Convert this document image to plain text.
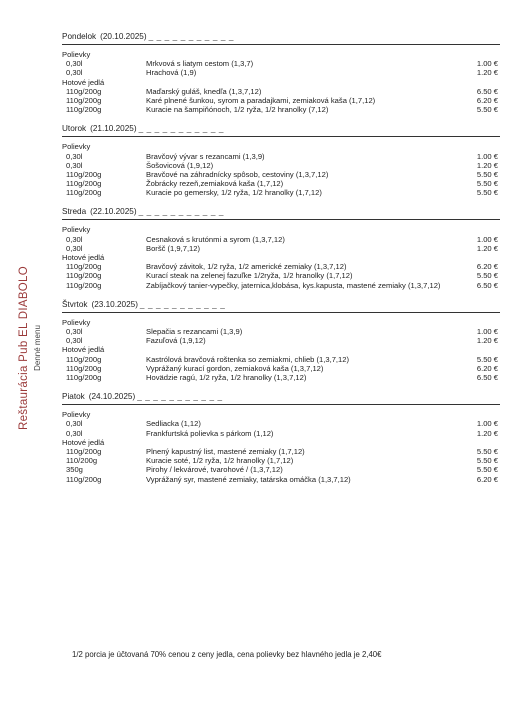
Reštaurácia Pub EL DIABOLO Denné menu
Pondelok (20.10.2025) _ _ _ _ _ _ _ _ _ _ _
Polievky
0,30l	Mrkvová s liatym cestom (1,3,7)	1.00 €
0,30l	Hrachová (1,9)	1.20 €
Hotové jedlá
110g/200g	Maďarský guláš, knedľa (1,3,7,12)	6.50 €
110g/200g	Karé plnené šunkou, syrom a paradajkami, zemiaková kaša (1,7,12)	6.20 €
110g/200g	Kuracie na šampiňónoch, 1/2 ryža, 1/2 hranolky (7,12)	5.50 €
Utorok (21.10.2025) _ _ _ _ _ _ _ _ _ _ _
Polievky
0,30l	Bravčový vývar s rezancami (1,3,9)	1.00 €
0,30l	Šošovicová (1,9,12)	1.20 €
110g/200g	Bravčové na záhradnícky spôsob, cestoviny (1,3,7,12)	5.50 €
110g/200g	Žobrácky rezeň,zemiaková kaša (1,7,12)	5.50 €
110g/200g	Kuracie po gemersky, 1/2 ryža, 1/2 hranolky (1,7,12)	5.50 €
Streda (22.10.2025) _ _ _ _ _ _ _ _ _ _ _
Polievky
0,30l	Cesnaková s krutónmi a syrom (1,3,7,12)	1.00 €
0,30l	Boršč (1,9,7,12)	1.20 €
Hotové jedlá
110g/200g	Bravčový závitok, 1/2 ryža, 1/2 americké zemiaky (1,3,7,12)	6.20 €
110g/200g	Kurací steak na zelenej fazuľke 1/2ryža, 1/2 hranolky (1,7,12)	5.50 €
110g/200g	Zabíjačkový tanier-vypečky, jaternica,klobása, kys.kapusta, mastené zemiaky (1,3,7,12)	6.50 €
Štvrtok (23.10.2025) _ _ _ _ _ _ _ _ _ _ _
Polievky
0,30l	Slepačia s rezancami (1,3,9)	1.00 €
0,30l	Fazuľová (1,9,12)	1.20 €
Hotové jedlá
110g/200g	Kastrólová bravčová roštenka so zemiakmi, chlieb (1,3,7,12)	5.50 €
110g/200g	Vyprážaný kurací gordon, zemiaková kaša (1,3,7,12)	6.20 €
110g/200g	Hovädzie ragú, 1/2 ryža, 1/2 hranolky (1,3,7,12)	6.50 €
Piatok (24.10.2025) _ _ _ _ _ _ _ _ _ _ _
Polievky
0,30l	Sedliacka (1,12)	1.00 €
0,30l	Frankfurtská polievka s párkom (1,12)	1.20 €
Hotové jedlá
110g/200g	Plnený kapustný list, mastené zemiaky (1,7,12)	5.50 €
110/200g	Kuracie soté, 1/2 ryža, 1/2 hranolky (1,7,12)	5.50 €
350g	Pirohy / lekvárové, tvarohové / (1,3,7,12)	5.50 €
110g/200g	Vyprážaný syr, mastené zemiaky, tatárska omáčka (1,3,7,12)	6.20 €
1/2 porcia je účtovaná 70% cenou z ceny jedla, cena polievky bez hlavného jedla je 2,40€
